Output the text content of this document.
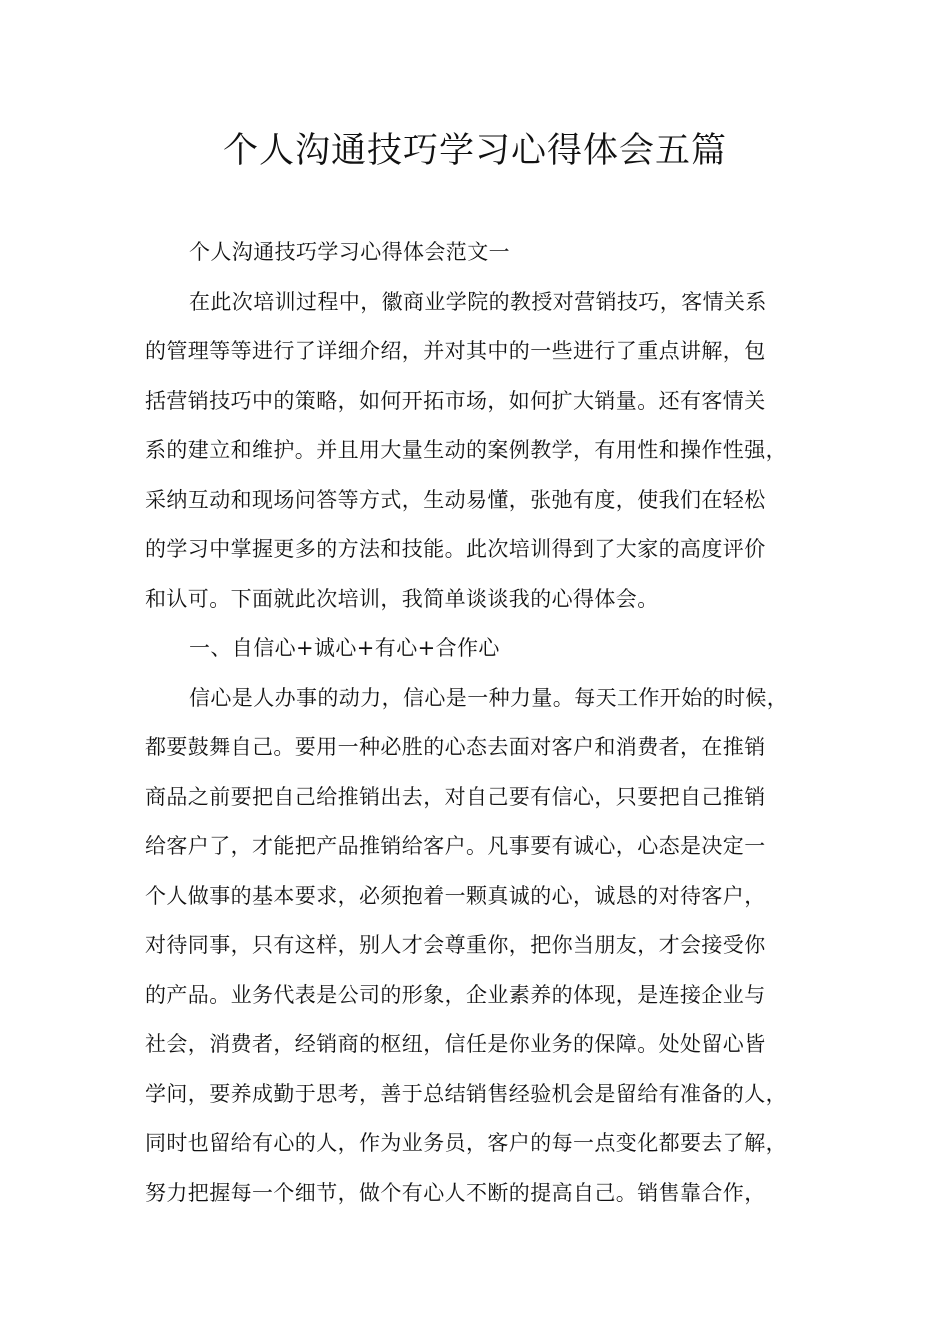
个人沟通技巧学习心得体会五篇
个人沟通技巧学习心得体会范文一
在此次培训过程中，徽商业学院的教授对营销技巧，客情关系
的管理等等进行了详细介绍，并对其中的一些进行了重点讲解，包
括营销技巧中的策略，如何开拓市场，如何扩大销量。还有客情关
系的建立和维护。并且用大量生动的案例教学，有用性和操作性强，
采纳互动和现场问答等方式，生动易懂，张弛有度，使我们在轻松
的学习中掌握更多的方法和技能。此次培训得到了大家的高度评价
和认可。下面就此次培训，我简单谈谈我的心得体会。
一、自信心+诚心+有心+合作心
信心是人办事的动力，信心是一种力量。每天工作开始的时候，
都要鼓舞自己。要用一种必胜的心态去面对客户和消费者，在推销
商品之前要把自己给推销出去，对自己要有信心，只要把自己推销
给客户了，才能把产品推销给客户。凡事要有诚心，心态是决定一
个人做事的基本要求，必须抱着一颗真诚的心，诚恳的对待客户，
对待同事，只有这样，别人才会尊重你，把你当朋友，才会接受你
的产品。业务代表是公司的形象，企业素养的体现，是连接企业与
社会，消费者，经销商的枢纽，信任是你业务的保障。处处留心皆
学问，要养成勤于思考，善于总结销售经验机会是留给有准备的人，
同时也留给有心的人，作为业务员，客户的每一点变化都要去了解，
努力把握每一个细节，做个有心人不断的提高自己。销售靠合作，
